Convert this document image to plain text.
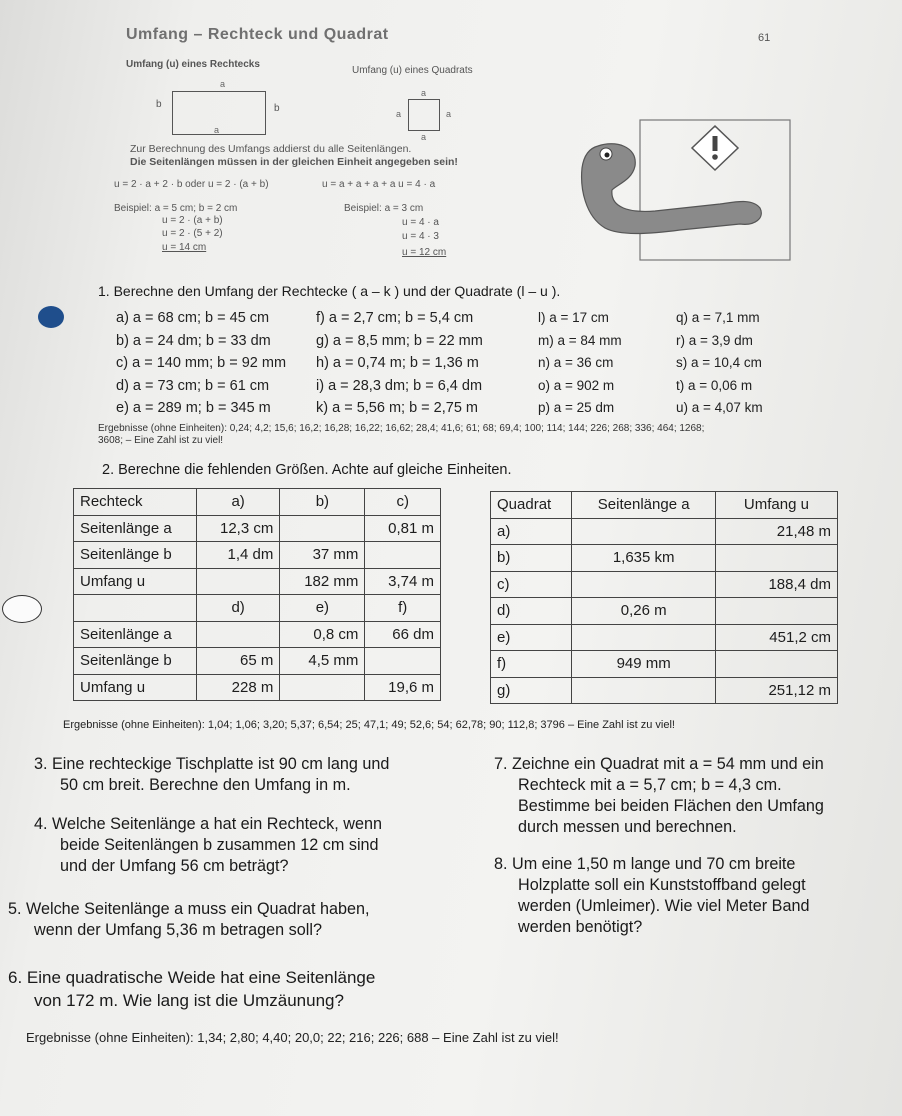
Umfang – Rechteck und Quadrat	61
Umfang (u) eines Rechtecks
Umfang (u) eines Quadrats
a
b	b
a
a
a	a
a
Zur Berechnung des Umfangs addierst du alle Seitenlängen.
Die Seitenlängen müssen in der gleichen Einheit angegeben sein!
u = 2 · a + 2 · b oder u = 2 · (a + b)	u = a + a + a + a u = 4 · a
Beispiel: a = 5 cm; b = 2 cm
u = 2 · (a + b)
u = 2 · (5 + 2)
u = 14 cm
Beispiel: a = 3 cm
u = 4 · a
u = 4 · 3
u = 12 cm
1. Berechne den Umfang der Rechtecke ( a – k ) und der Quadrate (l – u ).
a) a = 68 cm; b = 45 cm
b) a = 24 dm; b = 33 dm
c) a = 140 mm; b = 92 mm
d) a = 73 cm; b = 61 cm
e) a = 289 m; b = 345 m
f) a = 2,7 cm; b = 5,4 cm
g) a = 8,5 mm; b = 22 mm
h) a = 0,74 m; b = 1,36 m
i) a = 28,3 dm; b = 6,4 dm
k) a = 5,56 m; b = 2,75 m
l) a = 17 cm
m) a = 84 mm
n) a = 36 cm
o) a = 902 m
p) a = 25 dm
q) a = 7,1 mm
r) a = 3,9 dm
s) a = 10,4 cm
t) a = 0,06 m
u) a = 4,07 km
Ergebnisse (ohne Einheiten): 0,24; 4,2; 15,6; 16,2; 16,28; 16,22; 16,62; 28,4; 41,6; 61; 68; 69,4; 100; 114; 144; 226; 268; 336; 464; 1268;
3608; – Eine Zahl ist zu viel!
2. Berechne die fehlenden Größen. Achte auf gleiche Einheiten.
Rechteck	a)	b)	c)
Seitenlänge a	12,3 cm		0,81 m
Seitenlänge b	1,4 dm	37 mm	
Umfang u		182 mm	3,74 m
	d)	e)	f)
Seitenlänge a		0,8 cm	66 dm
Seitenlänge b	65 m	4,5 mm	
Umfang u	228 m		19,6 m
Quadrat	Seitenlänge a	Umfang u
a)		21,48 m
b)	1,635 km	
c)		188,4 dm
d)	0,26 m	
e)		451,2 cm
f)	949 mm	
g)		251,12 m
Ergebnisse (ohne Einheiten): 1,04; 1,06; 3,20; 5,37; 6,54; 25; 47,1; 49; 52,6; 54; 62,78; 90; 112,8; 3796 – Eine Zahl ist zu viel!
3. Eine rechteckige Tischplatte ist 90 cm lang und
50 cm breit. Berechne den Umfang in m.
4. Welche Seitenlänge a hat ein Rechteck, wenn
beide Seitenlängen b zusammen 12 cm sind
und der Umfang 56 cm beträgt?
5. Welche Seitenlänge a muss ein Quadrat haben,
wenn der Umfang 5,36 m betragen soll?
6. Eine quadratische Weide hat eine Seitenlänge
von 172 m. Wie lang ist die Umzäunung?
7. Zeichne ein Quadrat mit a = 54 mm und ein
Rechteck mit a = 5,7 cm; b = 4,3 cm.
Bestimme bei beiden Flächen den Umfang
durch messen und berechnen.
8. Um eine 1,50 m lange und 70 cm breite
Holzplatte soll ein Kunststoffband gelegt
werden (Umleimer). Wie viel Meter Band
werden benötigt?
Ergebnisse (ohne Einheiten): 1,34; 2,80; 4,40; 20,0; 22; 216; 226; 688 – Eine Zahl ist zu viel!
